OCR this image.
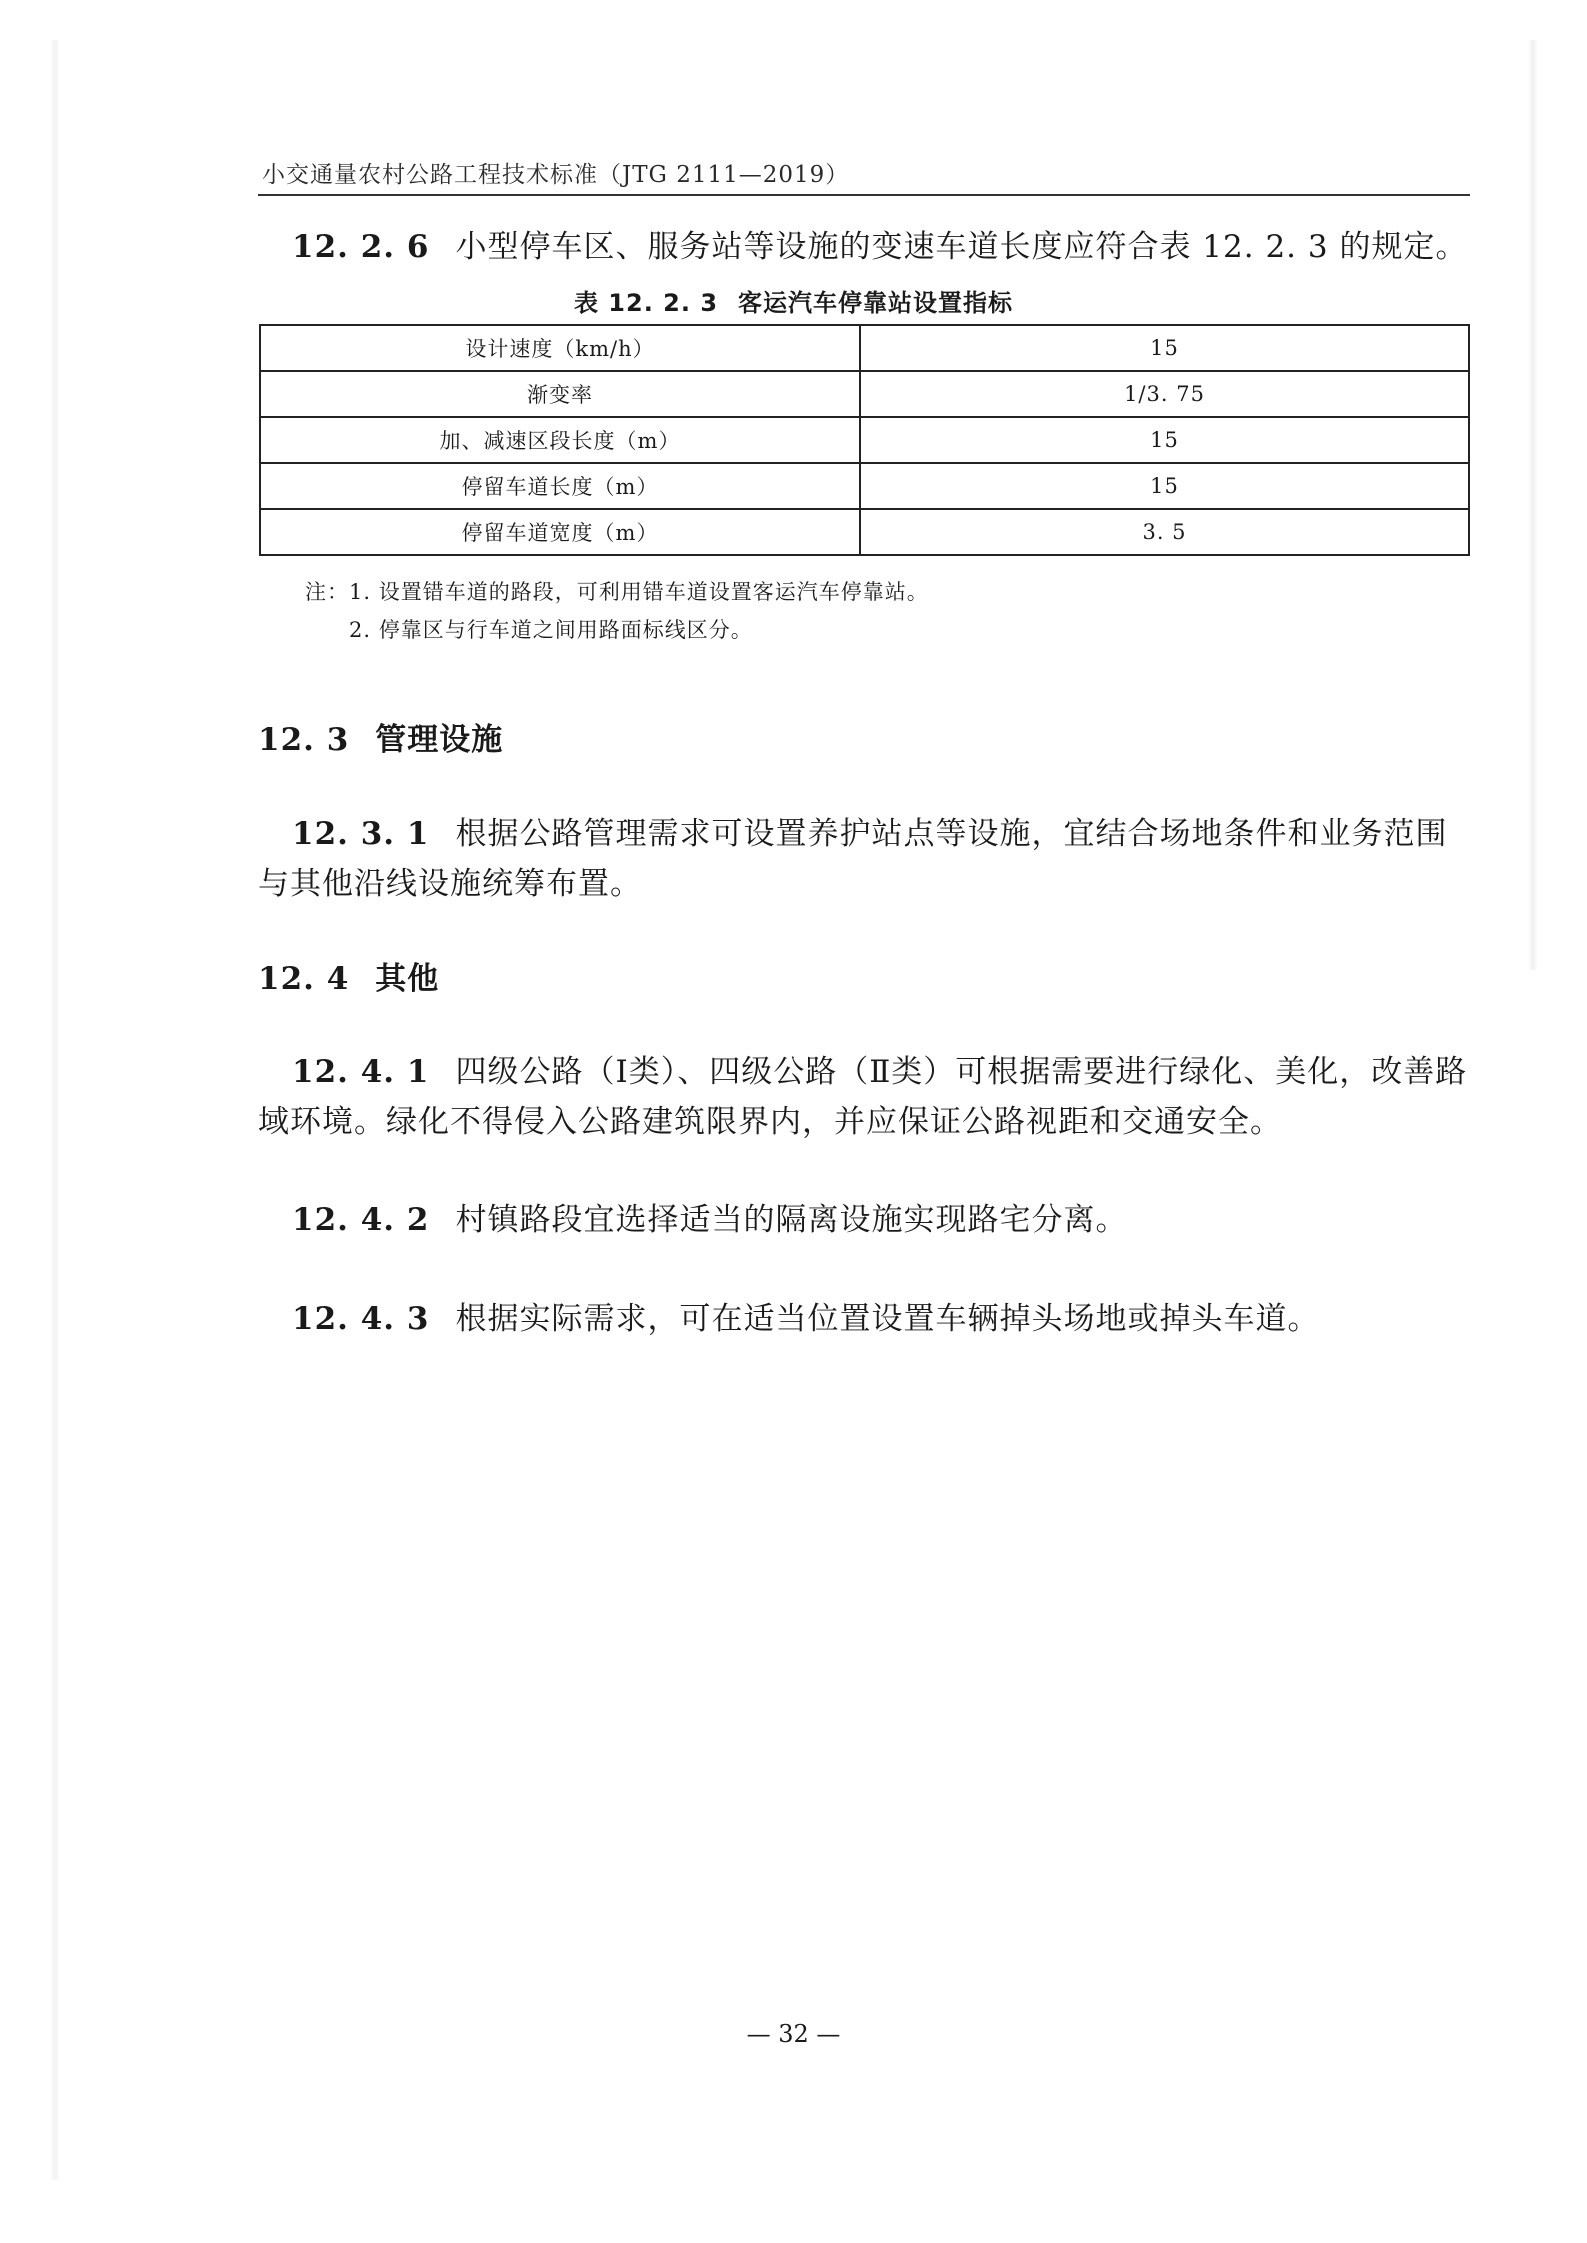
小交通量农村公路工程技术标准（JTG 2111—2019）

12. 2. 6 小型停车区、服务站等设施的变速车道长度应符合表 12. 2. 3 的规定。

表 12. 2. 3 客运汽车停靠站设置指标
设计速度（km/h）	15
渐变率	1/3. 75
加、减速区段长度（m）	15
停留车道长度（m）	15
停留车道宽度（m）	3. 5
注：1. 设置错车道的路段，可利用错车道设置客运汽车停靠站。
2. 停靠区与行车道之间用路面标线区分。
12. 3 管理设施

12. 3. 1 根据公路管理需求可设置养护站点等设施，宜结合场地条件和业务范围与其他沿线设施统筹布置。

12. 4 其他

12. 4. 1 四级公路（Ⅰ类）、四级公路（Ⅱ类）可根据需要进行绿化、美化，改善路域环境。绿化不得侵入公路建筑限界内，并应保证公路视距和交通安全。

12. 4. 2 村镇路段宜选择适当的隔离设施实现路宅分离。

12. 4. 3 根据实际需求，可在适当位置设置车辆掉头场地或掉头车道。

— 32 —
